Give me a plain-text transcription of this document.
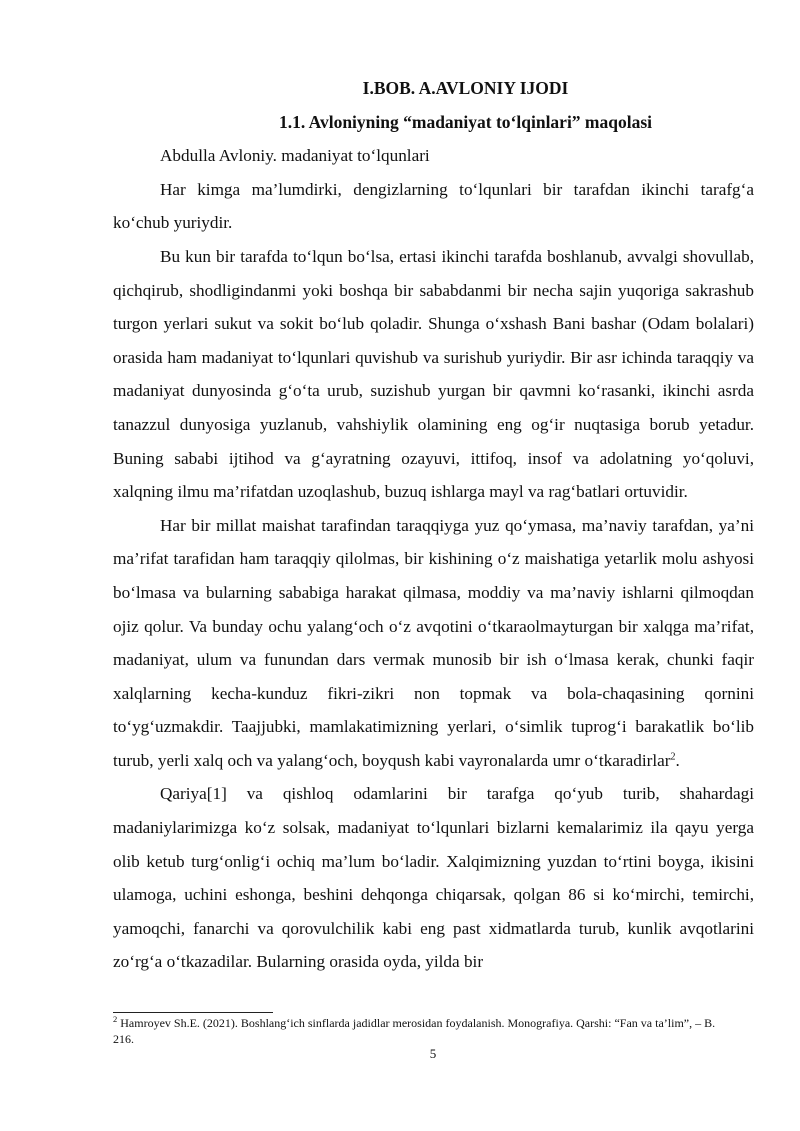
I.BOB. A.AVLONIY IJODI
1.1. Avloniyning “madaniyat to‘lqinlari” maqolasi

Abdulla Avloniy. madaniyat to‘lqunlari

Har kimga ma’lumdirki, dengizlarning to‘lqunlari bir tarafdan ikinchi tarafg‘a ko‘chub yuriydir.

Bu kun bir tarafda to‘lqun bo‘lsa, ertasi ikinchi tarafda boshlanub, avvalgi shovullab, qichqirub, shodligindanmi yoki boshqa bir sababdanmi bir necha sajin yuqoriga sakrashub turgon yerlari sukut va sokit bo‘lub qoladir. Shunga o‘xshash Bani bashar (Odam bolalari) orasida ham madaniyat to‘lqunlari quvishub va surishub yuriydir. Bir asr ichinda taraqqiy va madaniyat dunyosinda g‘o‘ta urub, suzishub yurgan bir qavmni ko‘rasanki, ikinchi asrda tanazzul dunyosiga yuzlanub, vahshiylik olamining eng og‘ir nuqtasiga borub yetadur. Buning sababi ijtihod va g‘ayratning ozayuvi, ittifoq, insof va adolatning yo‘qoluvi, xalqning ilmu ma’rifatdan uzoqlashub, buzuq ishlarga mayl va rag‘batlari ortuvidir.

Har bir millat maishat tarafindan taraqqiyga yuz qo‘ymasa, ma’naviy tarafdan, ya’ni ma’rifat tarafidan ham taraqqiy qilolmas, bir kishining o‘z maishatiga yetarlik molu ashyosi bo‘lmasa va bularning sababiga harakat qilmasa, moddiy va ma’naviy ishlarni qilmoqdan ojiz qolur. Va bunday ochu yalang‘och o‘z avqotini o‘tkaraolmayturgan bir xalqga ma’rifat, madaniyat, ulum va funundan dars vermak munosib bir ish o‘lmasa kerak, chunki faqir xalqlarning kecha-kunduz fikri-zikri non topmak va bola-chaqasining qornini to‘yg‘uzmakdir. Taajjubki, mamlakatimizning yerlari, o‘simlik tuprog‘i barakatlik bo‘lib turub, yerli xalq och va yalang‘och, boyqush kabi vayronalarda umr o‘tkaradirlar$^2$.

Qariya[1] va qishloq odamlarini bir tarafga qo‘yub turib, shahardagi madaniylarimizga ko‘z solsak, madaniyat to‘lqunlari bizlarni kemalarimiz ila qayu yerga olib ketub turg‘onlig‘i ochiq ma’lum bo‘ladir. Xalqimizning yuzdan to‘rtini boyga, ikisini ulamoga, uchini eshonga, beshini dehqonga chiqarsak, qolgan 86 si ko‘mirchi, temirchi, yamoqchi, fanarchi va qorovulchilik kabi eng past xidmatlarda turub, kunlik avqotlarini zo‘rg‘a o‘tkazadilar. Bularning orasida oyda, yilda bir

$^2$ Hamroyev Sh.E. (2021). Boshlang‘ich sinflarda jadidlar merosidan foydalanish. Monografiya. Qarshi: “Fan va ta’lim”, – B. 216.

5
